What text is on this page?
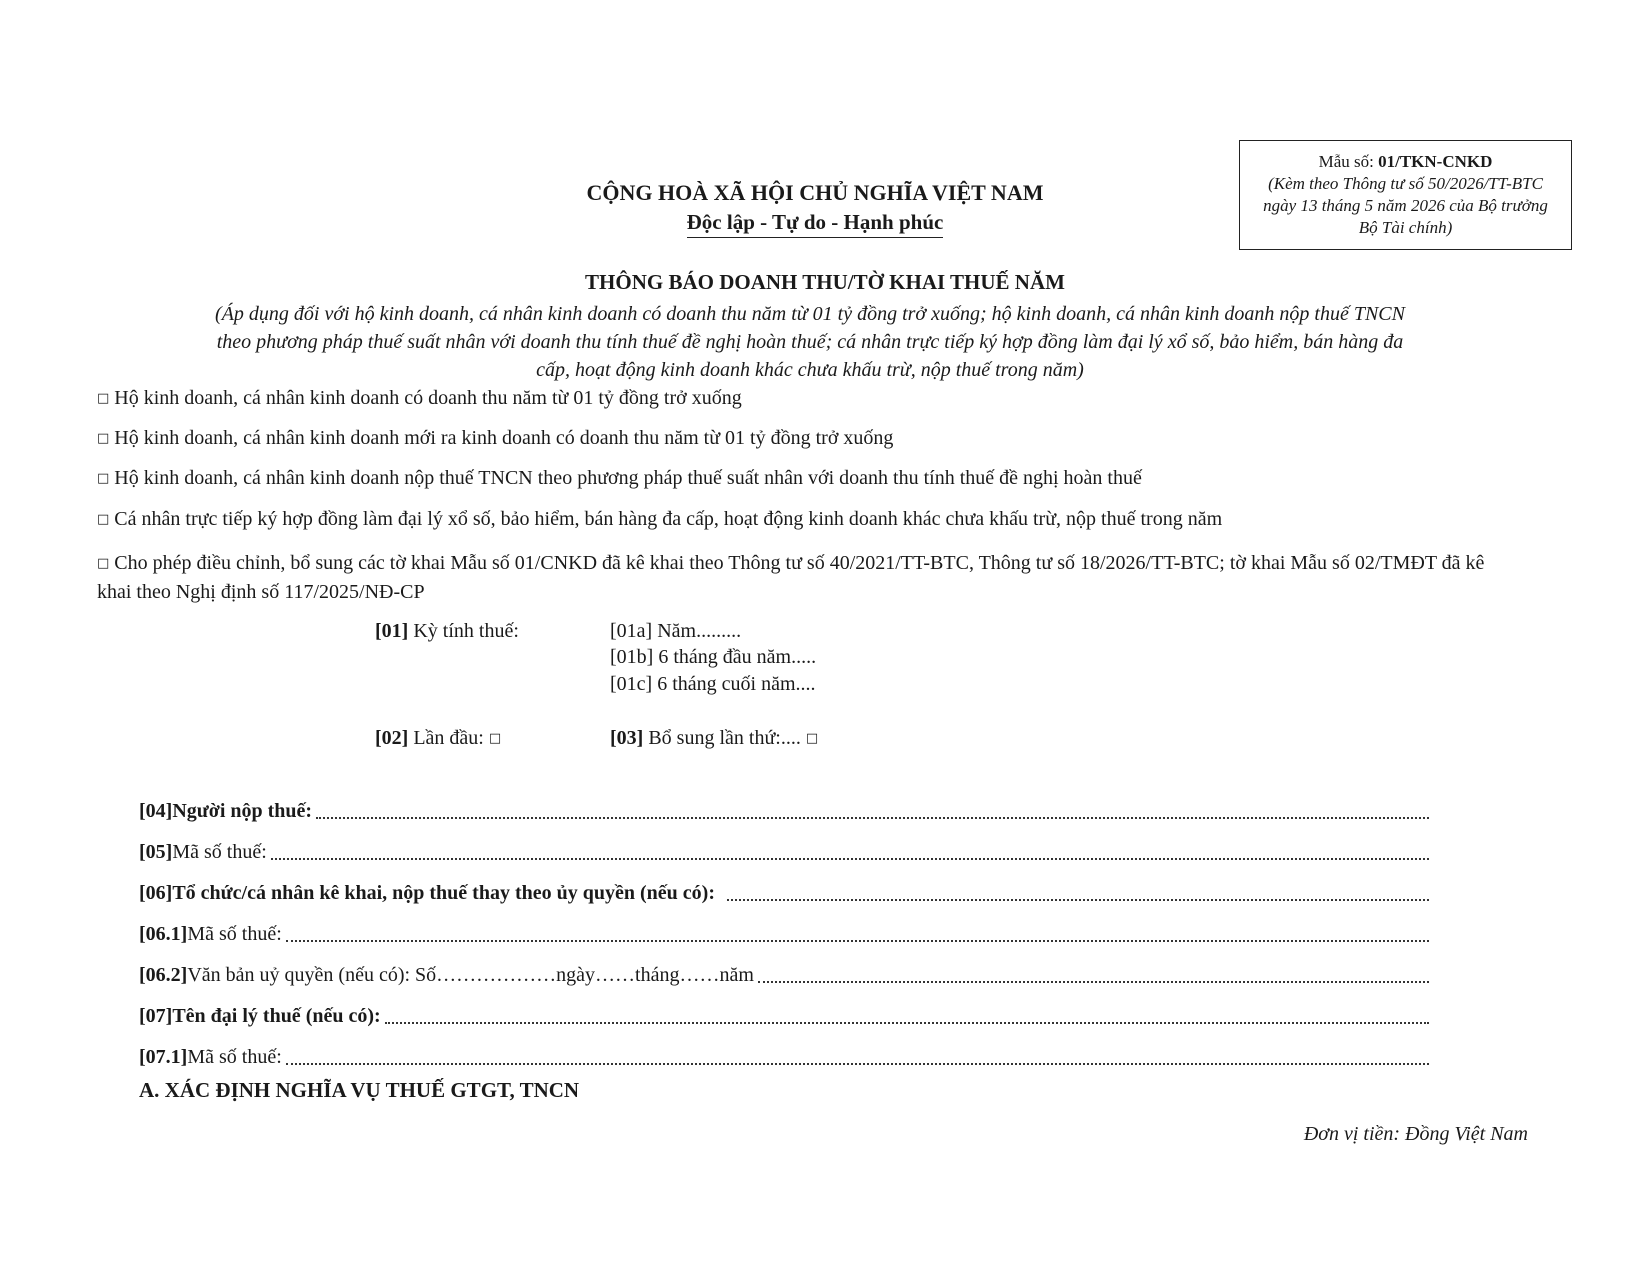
Mẫu số: 01/TKN-CNKD
(Kèm theo Thông tư số 50/2026/TT-BTC
ngày 13 tháng 5 năm 2026 của Bộ trưởng
Bộ Tài chính)
CỘNG HOÀ XÃ HỘI CHỦ NGHĨA VIỆT NAM
Độc lập - Tự do - Hạnh phúc
THÔNG BÁO DOANH THU/TỜ KHAI THUẾ NĂM
(Áp dụng đối với hộ kinh doanh, cá nhân kinh doanh có doanh thu năm từ 01 tỷ đồng trở xuống; hộ kinh doanh, cá nhân kinh doanh nộp thuế TNCN
theo phương pháp thuế suất nhân với doanh thu tính thuế đề nghị hoàn thuế; cá nhân trực tiếp ký hợp đồng làm đại lý xổ số, bảo hiểm, bán hàng đa
cấp, hoạt động kinh doanh khác chưa khấu trừ, nộp thuế trong năm)
□ Hộ kinh doanh, cá nhân kinh doanh có doanh thu năm từ 01 tỷ đồng trở xuống
□ Hộ kinh doanh, cá nhân kinh doanh mới ra kinh doanh có doanh thu năm từ 01 tỷ đồng trở xuống
□ Hộ kinh doanh, cá nhân kinh doanh nộp thuế TNCN theo phương pháp thuế suất nhân với doanh thu tính thuế đề nghị hoàn thuế
□ Cá nhân trực tiếp ký hợp đồng làm đại lý xổ số, bảo hiểm, bán hàng đa cấp, hoạt động kinh doanh khác chưa khấu trừ, nộp thuế trong năm
□ Cho phép điều chỉnh, bổ sung các tờ khai Mẫu số 01/CNKD đã kê khai theo Thông tư số 40/2021/TT-BTC, Thông tư số 18/2026/TT-BTC; tờ khai Mẫu số 02/TMĐT đã kê khai theo Nghị định số 117/2025/NĐ-CP
[01] Kỳ tính thuế:	[01a] Năm.........
[01b] 6 tháng đầu năm.....
[01c] 6 tháng cuối năm....
[02] Lần đầu: □	[03] Bổ sung lần thứ:.... □
[04] Người nộp thuế:
[05] Mã số thuế:
[06] Tổ chức/cá nhân kê khai, nộp thuế thay theo ủy quyền (nếu có):
[06.1] Mã số thuế:
[06.2] Văn bản uỷ quyền (nếu có): Số………………ngày……tháng……năm
[07] Tên đại lý thuế (nếu có):
[07.1] Mã số thuế:
A. XÁC ĐỊNH NGHĨA VỤ THUẾ GTGT, TNCN
Đơn vị tiền: Đồng Việt Nam
